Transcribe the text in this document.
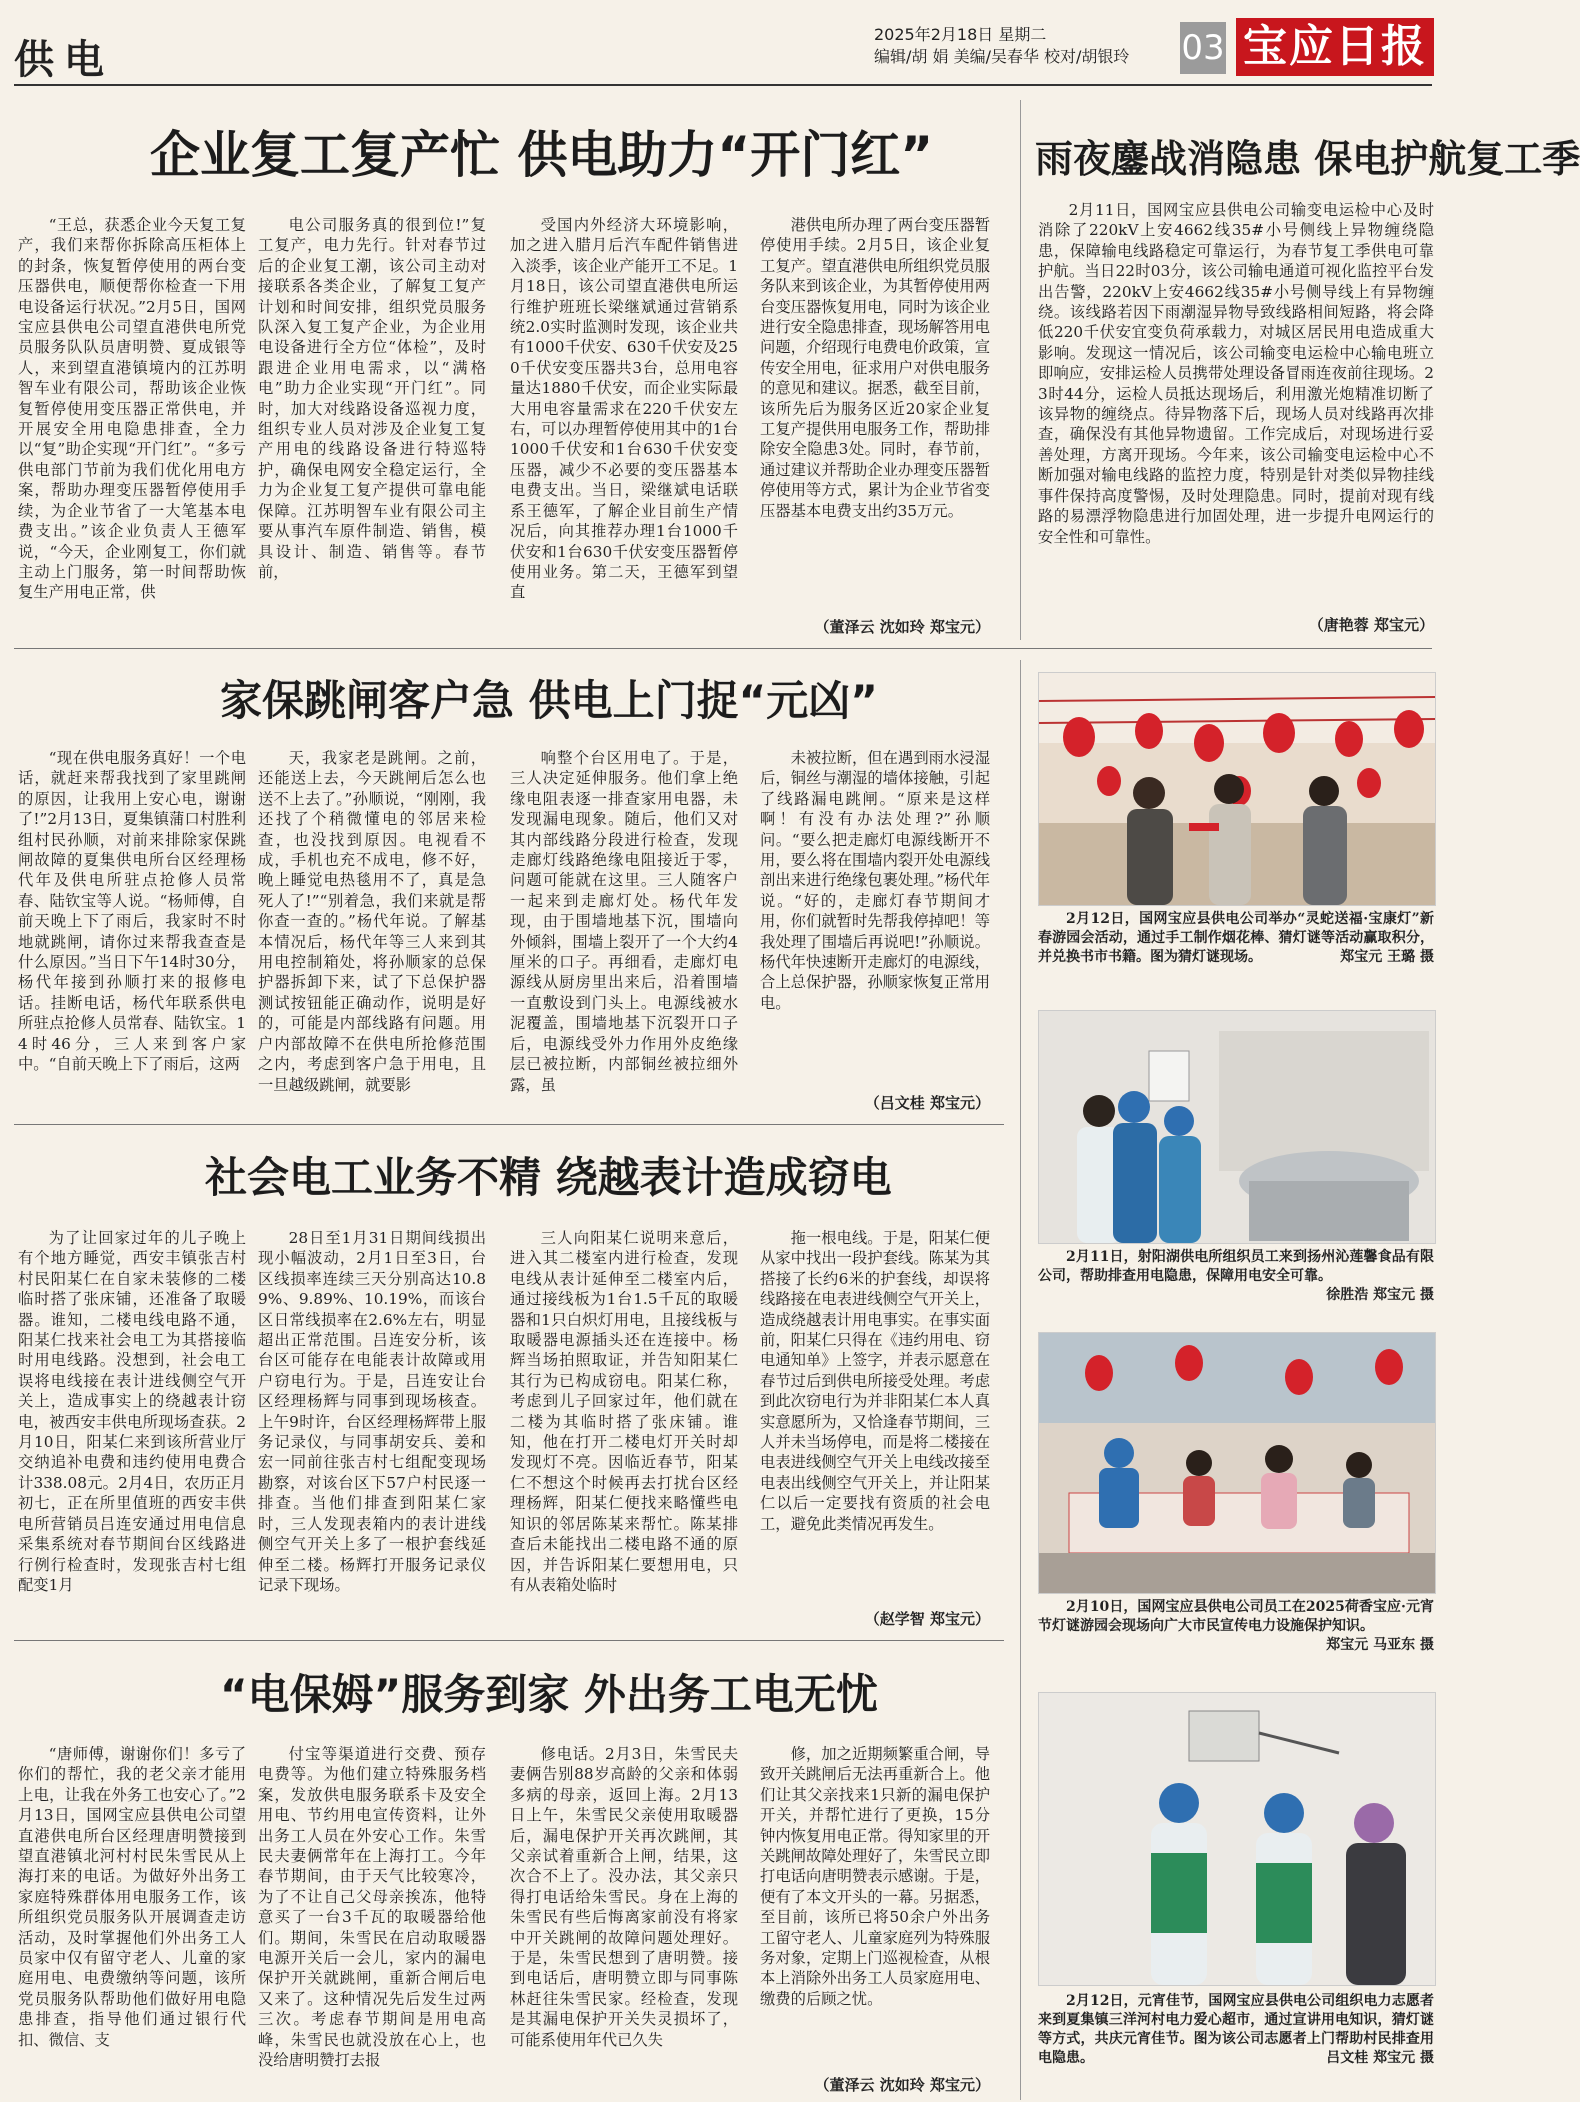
供电
2025年2月18日 星期二
编辑/胡 娟 美编/吴春华 校对/胡银玲	03 宝应日报
企业复工复产忙 供电助力“开门红”

“王总，获悉企业今天复工复产，我们来帮你拆除高压柜体上的封条，恢复暂停使用的两台变压器供电，顺便帮你检查一下用电设备运行状况。”2月5日，国网宝应县供电公司望直港供电所党员服务队队员唐明赞、夏成银等人，来到望直港镇境内的江苏明智车业有限公司，帮助该企业恢复暂停使用变压器正常供电，并开展安全用电隐患排查，全力以“复”助企实现“开门红”。“多亏供电部门节前为我们优化用电方案，帮助办理变压器暂停使用手续，为企业节省了一大笔基本电费支出。”该企业负责人王德军说，“今天，企业刚复工，你们就主动上门服务，第一时间帮助恢复生产用电正常，供

电公司服务真的很到位!”复工复产，电力先行。针对春节过后的企业复工潮，该公司主动对接联系各类企业，了解复工复产计划和时间安排，组织党员服务队深入复工复产企业，为企业用电设备进行全方位“体检”，及时跟进企业用电需求，以“满格电”助力企业实现“开门红”。同时，加大对线路设备巡视力度，组织专业人员对涉及企业复工复产用电的线路设备进行特巡特护，确保电网安全稳定运行，全力为企业复工复产提供可靠电能保障。江苏明智车业有限公司主要从事汽车原件制造、销售，模具设计、制造、销售等。春节前，

受国内外经济大环境影响，加之进入腊月后汽车配件销售进入淡季，该企业产能开工不足。1月18日，该公司望直港供电所运行维护班班长梁继斌通过营销系统2.0实时监测时发现，该企业共有1000千伏安、630千伏安及250千伏安变压器共3台，总用电容量达1880千伏安，而企业实际最大用电容量需求在220千伏安左右，可以办理暂停使用其中的1台1000千伏安和1台630千伏安变压器，减少不必要的变压器基本电费支出。当日，梁继斌电话联系王德军，了解企业目前生产情况后，向其推荐办理1台1000千伏安和1台630千伏安变压器暂停使用业务。第二天，王德军到望直

港供电所办理了两台变压器暂停使用手续。2月5日，该企业复工复产。望直港供电所组织党员服务队来到该企业，为其暂停使用两台变压器恢复用电，同时为该企业进行安全隐患排查，现场解答用电问题，介绍现行电费电价政策，宣传安全用电，征求用户对供电服务的意见和建议。据悉，截至目前，该所先后为服务区近20家企业复工复产提供用电服务工作，帮助排除安全隐患3处。同时，春节前，通过建议并帮助企业办理变压器暂停使用等方式，累计为企业节省变压器基本电费支出约35万元。

（董泽云 沈如玲 郑宝元）
雨夜鏖战消隐患 保电护航复工季

2月11日，国网宝应县供电公司输变电运检中心及时消除了220kV上安4662线35#小号侧线上异物缠绕隐患，保障输电线路稳定可靠运行，为春节复工季供电可靠护航。当日22时03分，该公司输电通道可视化监控平台发出告警，220kV上安4662线35#小号侧导线上有异物缠绕。该线路若因下雨潮湿异物导致线路相间短路，将会降低220千伏安宜变负荷承载力，对城区居民用电造成重大影响。发现这一情况后，该公司输变电运检中心输电班立即响应，安排运检人员携带处理设备冒雨连夜前往现场。23时44分，运检人员抵达现场后，利用激光炮精准切断了该异物的缠绕点。待异物落下后，现场人员对线路再次排查，确保没有其他异物遗留。工作完成后，对现场进行妥善处理，方离开现场。今年来，该公司输变电运检中心不断加强对输电线路的监控力度，特别是针对类似异物挂线事件保持高度警惕，及时处理隐患。同时，提前对现有线路的易漂浮物隐患进行加固处理，进一步提升电网运行的安全性和可靠性。

（唐艳蓉 郑宝元）
家保跳闸客户急 供电上门捉“元凶”

“现在供电服务真好！一个电话，就赶来帮我找到了家里跳闸的原因，让我用上安心电，谢谢了!”2月13日，夏集镇蒲口村胜利组村民孙顺，对前来排除家保跳闸故障的夏集供电所台区经理杨代年及供电所驻点抢修人员常春、陆钦宝等人说。“杨师傅，自前天晚上下了雨后，我家时不时地就跳闸，请你过来帮我查查是什么原因。”当日下午14时30分，杨代年接到孙顺打来的报修电话。挂断电话，杨代年联系供电所驻点抢修人员常春、陆钦宝。14时46分，三人来到客户家中。“自前天晚上下了雨后，这两

天，我家老是跳闸。之前，还能送上去，今天跳闸后怎么也送不上去了。”孙顺说，“刚刚，我还找了个稍微懂电的邻居来检查，也没找到原因。电视看不成，手机也充不成电，修不好，晚上睡觉电热毯用不了，真是急死人了!”“别着急，我们来就是帮你查一查的。”杨代年说。了解基本情况后，杨代年等三人来到其用电控制箱处，将孙顺家的总保护器拆卸下来，试了下总保护器测试按钮能正确动作，说明是好的，可能是内部线路有问题。用户内部故障不在供电所抢修范围之内，考虑到客户急于用电，且一旦越级跳闸，就要影

响整个台区用电了。于是，三人决定延伸服务。他们拿上绝缘电阻表逐一排查家用电器，未发现漏电现象。随后，他们又对其内部线路分段进行检查，发现走廊灯线路绝缘电阻接近于零，问题可能就在这里。三人随客户一起来到走廊灯处。杨代年发现，由于围墙地基下沉，围墙向外倾斜，围墙上裂开了一个大约4厘米的口子。再细看，走廊灯电源线从厨房里出来后，沿着围墙一直敷设到门头上。电源线被水泥覆盖，围墙地基下沉裂开口子后，电源线受外力作用外皮绝缘层已被拉断，内部铜丝被拉细外露，虽

未被拉断，但在遇到雨水浸湿后，铜丝与潮湿的墙体接触，引起了线路漏电跳闸。“原来是这样啊！有没有办法处理?”孙顺问。“要么把走廊灯电源线断开不用，要么将在围墙内裂开处电源线剖出来进行绝缘包裹处理。”杨代年说。“好的，走廊灯春节期间才用，你们就暂时先帮我停掉吧！等我处理了围墙后再说吧!”孙顺说。杨代年快速断开走廊灯的电源线，合上总保护器，孙顺家恢复正常用电。

（吕文桂 郑宝元）
社会电工业务不精 绕越表计造成窃电

为了让回家过年的儿子晚上有个地方睡觉，西安丰镇张吉村村民阳某仁在自家未装修的二楼临时搭了张床铺，还准备了取暖器。谁知，二楼电线电路不通，阳某仁找来社会电工为其搭接临时用电线路。没想到，社会电工误将电线接在表计进线侧空气开关上，造成事实上的绕越表计窃电，被西安丰供电所现场查获。2月10日，阳某仁来到该所营业厅交纳追补电费和违约使用电费合计338.08元。2月4日，农历正月初七，正在所里值班的西安丰供电所营销员吕连安通过用电信息采集系统对春节期间台区线路进行例行检查时，发现张吉村七组配变1月

28日至1月31日期间线损出现小幅波动，2月1日至3日，台区线损率连续三天分别高达10.89%、9.89%、10.19%，而该台区日常线损率在2.6%左右，明显超出正常范围。吕连安分析，该台区可能存在电能表计故障或用户窃电行为。于是，吕连安让台区经理杨辉与同事到现场核查。上午9时许，台区经理杨辉带上服务记录仪，与同事胡安兵、姜和宏一同前往张吉村七组配变现场勘察，对该台区下57户村民逐一排查。当他们排查到阳某仁家时，三人发现表箱内的表计进线侧空气开关上多了一根护套线延伸至二楼。杨辉打开服务记录仪记录下现场。

三人向阳某仁说明来意后，进入其二楼室内进行检查，发现电线从表计延伸至二楼室内后，通过接线板为1台1.5千瓦的取暖器和1只白炽灯用电，且接线板与取暖器电源插头还在连接中。杨辉当场拍照取证，并告知阳某仁其行为已构成窃电。阳某仁称，考虑到儿子回家过年，他们就在二楼为其临时搭了张床铺。谁知，他在打开二楼电灯开关时却发现灯不亮。因临近春节，阳某仁不想这个时候再去打扰台区经理杨辉，阳某仁便找来略懂些电知识的邻居陈某来帮忙。陈某排查后未能找出二楼电路不通的原因，并告诉阳某仁要想用电，只有从表箱处临时

拖一根电线。于是，阳某仁便从家中找出一段护套线。陈某为其搭接了长约6米的护套线，却误将线路接在电表进线侧空气开关上，造成绕越表计用电事实。在事实面前，阳某仁只得在《违约用电、窃电通知单》上签字，并表示愿意在春节过后到供电所接受处理。考虑到此次窃电行为并非阳某仁本人真实意愿所为，又恰逢春节期间，三人并未当场停电，而是将二楼接在电表进线侧空气开关上电线改接至电表出线侧空气开关上，并让阳某仁以后一定要找有资质的社会电工，避免此类情况再发生。

（赵学智 郑宝元）
“电保姆”服务到家 外出务工电无忧

“唐师傅，谢谢你们！多亏了你们的帮忙，我的老父亲才能用上电，让我在外务工也安心了。”2月13日，国网宝应县供电公司望直港供电所台区经理唐明赞接到望直港镇北河村村民朱雪民从上海打来的电话。为做好外出务工家庭特殊群体用电服务工作，该所组织党员服务队开展调查走访活动，及时掌握他们外出务工人员家中仅有留守老人、儿童的家庭用电、电费缴纳等问题，该所党员服务队帮助他们做好用电隐患排查，指导他们通过银行代扣、微信、支

付宝等渠道进行交费、预存电费等。为他们建立特殊服务档案，发放供电服务联系卡及安全用电、节约用电宣传资料，让外出务工人员在外安心工作。朱雪民夫妻俩常年在上海打工。今年春节期间，由于天气比较寒冷，为了不让自己父母亲挨冻，他特意买了一台3千瓦的取暖器给他们。期间，朱雪民在启动取暖器电源开关后一会儿，家内的漏电保护开关就跳闸，重新合闸后电又来了。这种情况先后发生过两三次。考虑春节期间是用电高峰，朱雪民也就没放在心上，也没给唐明赞打去报

修电话。2月3日，朱雪民夫妻俩告别88岁高龄的父亲和体弱多病的母亲，返回上海。2月13日上午，朱雪民父亲使用取暖器后，漏电保护开关再次跳闸，其父亲试着重新合上闸，结果，这次合不上了。没办法，其父亲只得打电话给朱雪民。身在上海的朱雪民有些后悔离家前没有将家中开关跳闸的故障问题处理好。于是，朱雪民想到了唐明赞。接到电话后，唐明赞立即与同事陈林赶往朱雪民家。经检查，发现是其漏电保护开关失灵损坏了，可能系使用年代已久失

修，加之近期频繁重合闸，导致开关跳闸后无法再重新合上。他们让其父亲找来1只新的漏电保护开关，并帮忙进行了更换，15分钟内恢复用电正常。得知家里的开关跳闸故障处理好了，朱雪民立即打电话向唐明赞表示感谢。于是，便有了本文开头的一幕。另据悉，至目前，该所已将50余户外出务工留守老人、儿童家庭列为特殊服务对象，定期上门巡视检查，从根本上消除外出务工人员家庭用电、缴费的后顾之忧。

（董泽云 沈如玲 郑宝元）
2月12日，国网宝应县供电公司举办“灵蛇送福·宝康灯”新春游园会活动，通过手工制作烟花棒、猜灯谜等活动赢取积分，并兑换书市书籍。图为猜灯谜现场。	郑宝元 王璐 摄
2月11日，射阳湖供电所组织员工来到扬州沁莲馨食品有限公司，帮助排查用电隐患，保障用电安全可靠。
徐胜浩 郑宝元 摄
2月10日，国网宝应县供电公司员工在2025荷香宝应·元宵节灯谜游园会现场向广大市民宣传电力设施保护知识。
郑宝元 马亚东 摄
2月12日，元宵佳节，国网宝应县供电公司组织电力志愿者来到夏集镇三洋河村电力爱心超市，通过宣讲用电知识，猜灯谜等方式，共庆元宵佳节。图为该公司志愿者上门帮助村民排查用电隐患。	吕文桂 郑宝元 摄
